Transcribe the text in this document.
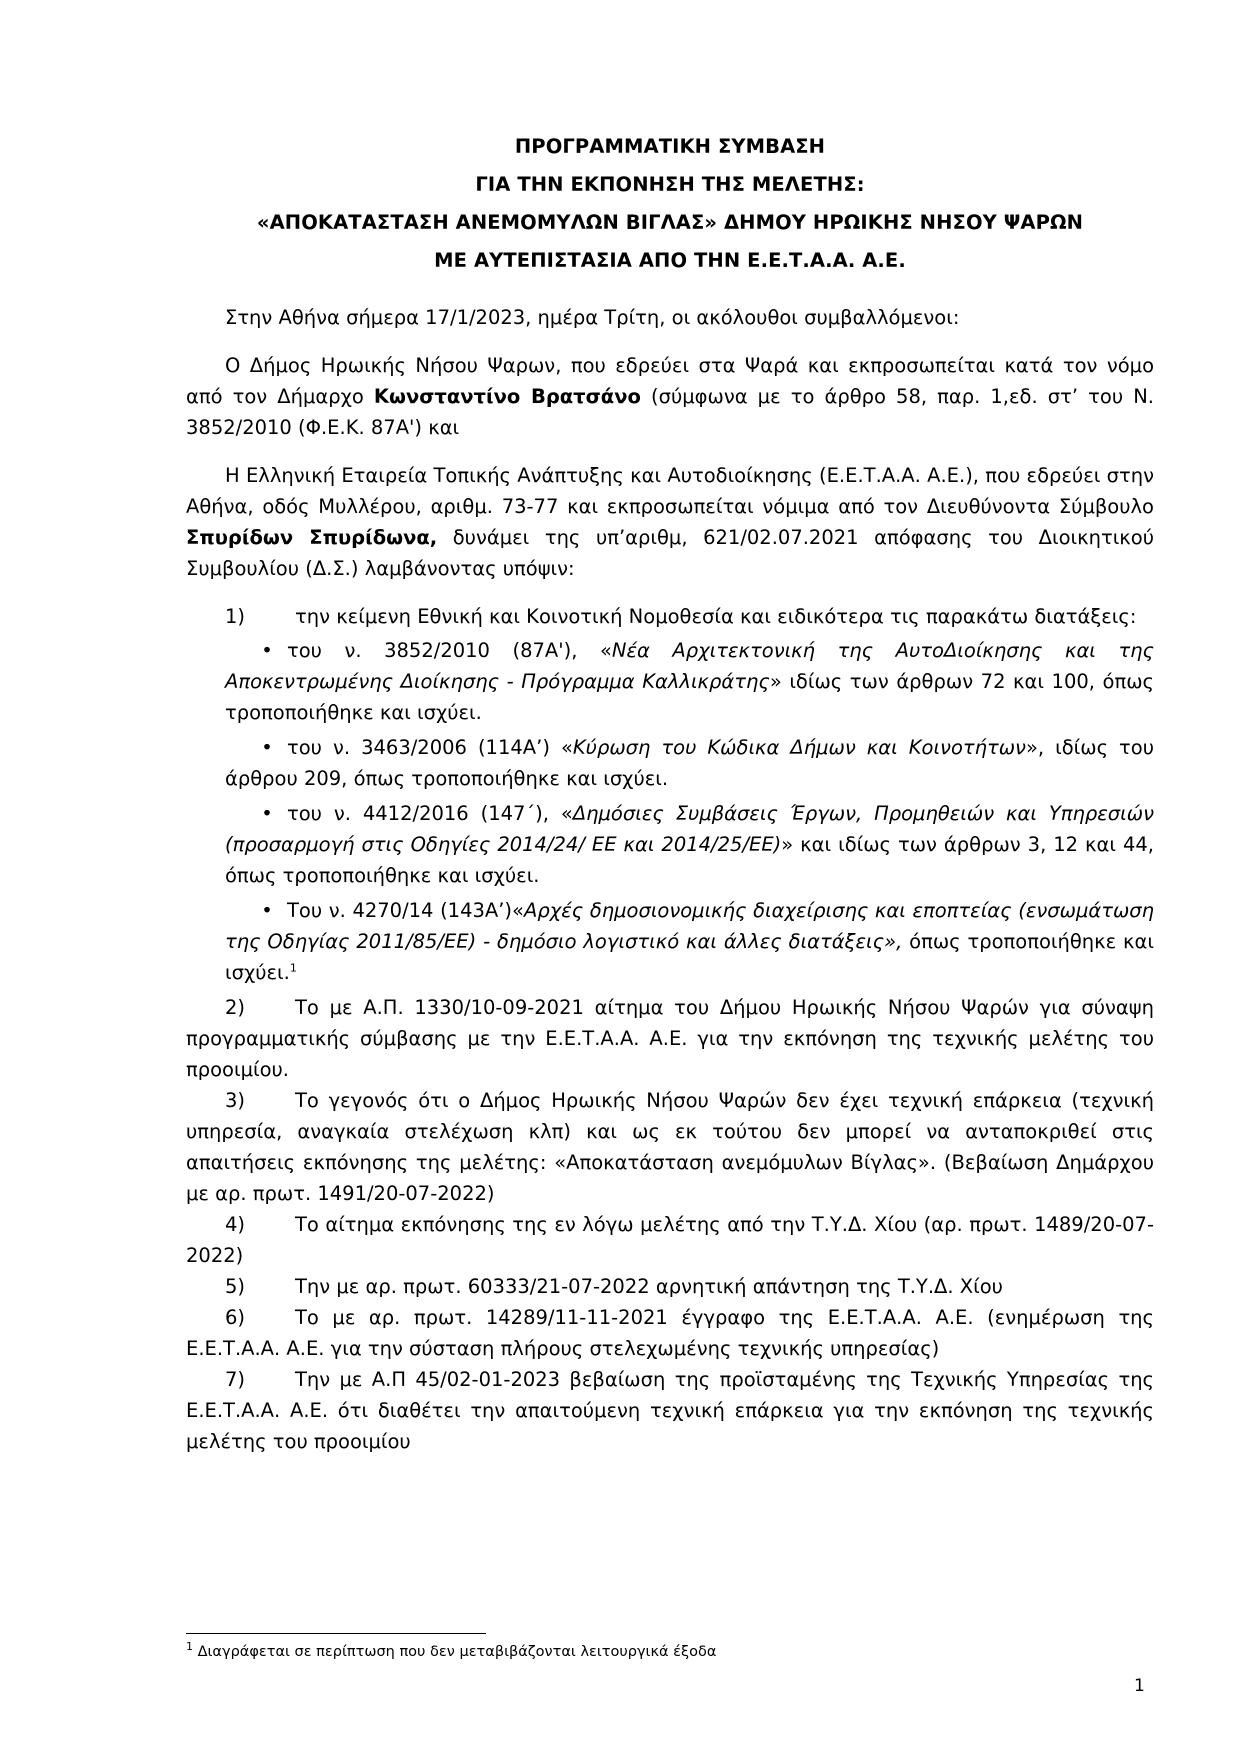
ΠΡΟΓΡΑΜΜΑΤΙΚΗ ΣΥΜΒΑΣΗ

ΓΙΑ ΤΗΝ ΕΚΠΟΝΗΣΗ ΤΗΣ ΜΕΛΕΤΗΣ:

«ΑΠΟΚΑΤΑΣΤΑΣΗ ΑΝΕΜΟΜΥΛΩΝ ΒΙΓΛΑΣ» ΔΗΜΟΥ ΗΡΩΙΚΗΣ ΝΗΣΟΥ ΨΑΡΩΝ

ΜΕ ΑΥΤΕΠΙΣΤΑΣΙΑ ΑΠΟ ΤΗΝ Ε.Ε.Τ.Α.Α. Α.Ε.

Στην Αθήνα σήμερα 17/1/2023, ημέρα Τρίτη, οι ακόλουθοι συμβαλλόμενοι:

Ο Δήμος Ηρωικής Νήσου Ψαρων, που εδρεύει στα Ψαρά και εκπροσωπείται κατά τον νόμο από τον Δήμαρχο Κωνσταντίνο Βρατσάνο (σύμφωνα με το άρθρο 58, παρ. 1,εδ. στ’ του Ν. 3852/2010 (Φ.Ε.Κ. 87Α') και

Η Ελληνική Εταιρεία Τοπικής Ανάπτυξης και Αυτοδιοίκησης (Ε.Ε.Τ.Α.Α. Α.Ε.), που εδρεύει στην Αθήνα, οδός Μυλλέρου, αριθμ. 73-77 και εκπροσωπείται νόμιμα από τον Διευθύνοντα Σύμβουλο Σπυρίδων Σπυρίδωνα, δυνάμει της υπ’αριθμ, 621/02.07.2021 απόφασης του Διοικητικού Συμβουλίου (Δ.Σ.) λαμβάνοντας υπόψιν:

1)	την κείμενη Εθνική και Κοινοτική Νομοθεσία και ειδικότερα τις παρακάτω διατάξεις:

• του ν. 3852/2010 (87Α'), «Νέα Αρχιτεκτονική της ΑυτοΔιοίκησης και της Αποκεντρωμένης Διοίκησης - Πρόγραμμα Καλλικράτης» ιδίως των άρθρων 72 και 100, όπως τροποποιήθηκε και ισχύει.

• του ν. 3463/2006 (114Α’) «Κύρωση του Κώδικα Δήμων και Κοινοτήτων», ιδίως του άρθρου 209, όπως τροποποιήθηκε και ισχύει.

• του ν. 4412/2016 (147΄), «Δημόσιες Συμβάσεις Έργων, Προμηθειών και Υπηρεσιών (προσαρμογή στις Οδηγίες 2014/24/ ΕΕ και 2014/25/ΕΕ)» και ιδίως των άρθρων 3, 12 και 44, όπως τροποποιήθηκε και ισχύει.

• Του ν. 4270/14 (143Α’)«Αρχές δημοσιονομικής διαχείρισης και εποπτείας (ενσωμάτωση της Οδηγίας 2011/85/ΕΕ) - δημόσιο λογιστικό και άλλες διατάξεις», όπως τροποποιήθηκε και ισχύει.$^1$

2)	Το με Α.Π. 1330/10-09-2021 αίτημα του Δήμου Ηρωικής Νήσου Ψαρών για σύναψη προγραμματικής σύμβασης με την Ε.Ε.Τ.Α.Α. Α.Ε. για την εκπόνηση της τεχνικής μελέτης του προοιμίου.

3)	Το γεγονός ότι ο Δήμος Ηρωικής Νήσου Ψαρών δεν έχει τεχνική επάρκεια (τεχνική υπηρεσία, αναγκαία στελέχωση κλπ) και ως εκ τούτου δεν μπορεί να ανταποκριθεί στις απαιτήσεις εκπόνησης της μελέτης: «Αποκατάσταση ανεμόμυλων Βίγλας». (Βεβαίωση Δημάρχου με αρ. πρωτ. 1491/20-07-2022)

4)	Το αίτημα εκπόνησης της εν λόγω μελέτης από την Τ.Υ.Δ. Χίου (αρ. πρωτ. 1489/20-07- 2022)

5)	Την με αρ. πρωτ. 60333/21-07-2022 αρνητική απάντηση της Τ.Υ.Δ. Χίου

6)	Το με αρ. πρωτ. 14289/11-11-2021 έγγραφο της Ε.Ε.Τ.Α.Α. Α.Ε. (ενημέρωση της Ε.Ε.Τ.Α.Α. Α.Ε. για την σύσταση πλήρους στελεχωμένης τεχνικής υπηρεσίας)

7)	Την με Α.Π 45/02-01-2023 βεβαίωση της προϊσταμένης της Τεχνικής Υπηρεσίας της Ε.Ε.Τ.Α.Α. Α.Ε. ότι διαθέτει την απαιτούμενη τεχνική επάρκεια για την εκπόνηση της τεχνικής μελέτης του προοιμίου

$^1$ Διαγράφεται σε περίπτωση που δεν μεταβιβάζονται λειτουργικά έξοδα
1
